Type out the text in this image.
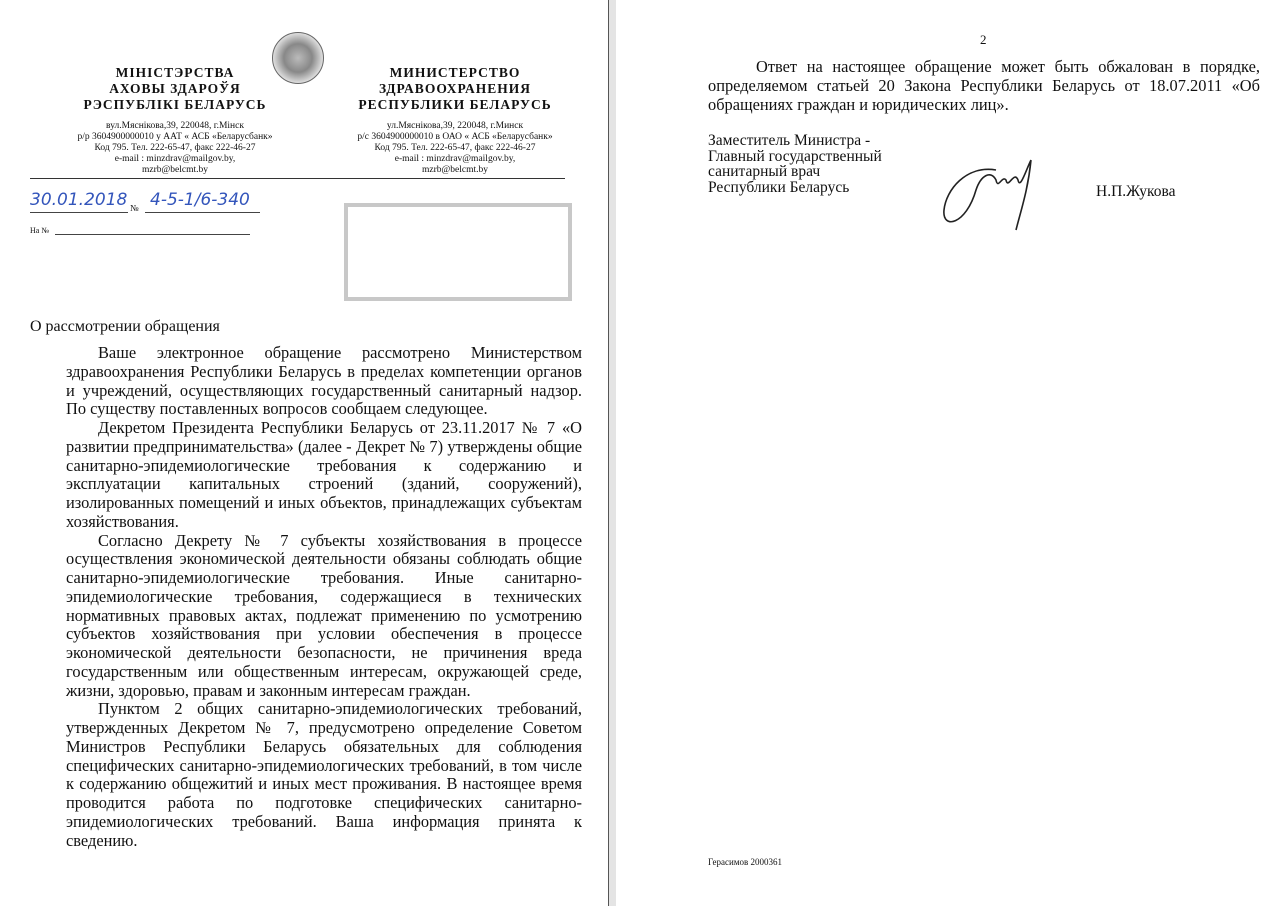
МІНІСТЭРСТВА
АХОВЫ ЗДАРОЎЯ
РЭСПУБЛІКІ БЕЛАРУСЬ
вул.Мяснікова,39, 220048, г.Мінск
р/р 3604900000010 у ААТ « АСБ «Беларусбанк»
Код 795. Тел. 222-65-47, факс 222-46-27
e-mail : minzdrav@mailgov.by,
mzrb@belcmt.by
МИНИСТЕРСТВО
ЗДРАВООХРАНЕНИЯ
РЕСПУБЛИКИ БЕЛАРУСЬ
ул.Мяснікова,39, 220048, г.Минск
р/с 3604900000010 в ОАО « АСБ «Беларусбанк»
Код 795. Тел. 222-65-47, факс 222-46-27
e-mail : minzdrav@mailgov.by,
mzrb@belcmt.by
30.01.2018 № 4-5-1/6-340
На №
О рассмотрении обращения

Ваше электронное обращение рассмотрено Министерством здравоохранения Республики Беларусь в пределах компетенции органов и учреждений, осуществляющих государственный санитарный надзор. По существу поставленных вопросов сообщаем следующее.

Декретом Президента Республики Беларусь от 23.11.2017 № 7 «О развитии предпринимательства» (далее - Декрет № 7) утверждены общие санитарно-эпидемиологические требования к содержанию и эксплуатации капитальных строений (зданий, сооружений), изолированных помещений и иных объектов, принадлежащих субъектам хозяйствования.

Согласно Декрету № 7 субъекты хозяйствования в процессе осуществления экономической деятельности обязаны соблюдать общие санитарно-эпидемиологические требования. Иные санитарно-эпидемиологические требования, содержащиеся в технических нормативных правовых актах, подлежат применению по усмотрению субъектов хозяйствования при условии обеспечения в процессе экономической деятельности безопасности, не причинения вреда государственным или общественным интересам, окружающей среде, жизни, здоровью, правам и законным интересам граждан.

Пунктом 2 общих санитарно-эпидемиологических требований, утвержденных Декретом № 7, предусмотрено определение Советом Министров Республики Беларусь обязательных для соблюдения специфических санитарно-эпидемиологических требований, в том числе к содержанию общежитий и иных мест проживания. В настоящее время проводится работа по подготовке специфических санитарно-эпидемиологических требований. Ваша информация принята к сведению.

2
Ответ на настоящее обращение может быть обжалован в порядке, определяемом статьей 20 Закона Республики Беларусь от 18.07.2011 «Об обращениях граждан и юридических лиц».
Заместитель Министра -
Главный государственный
санитарный врач
Республики Беларусь	Н.П.Жукова
Герасимов 2000361
